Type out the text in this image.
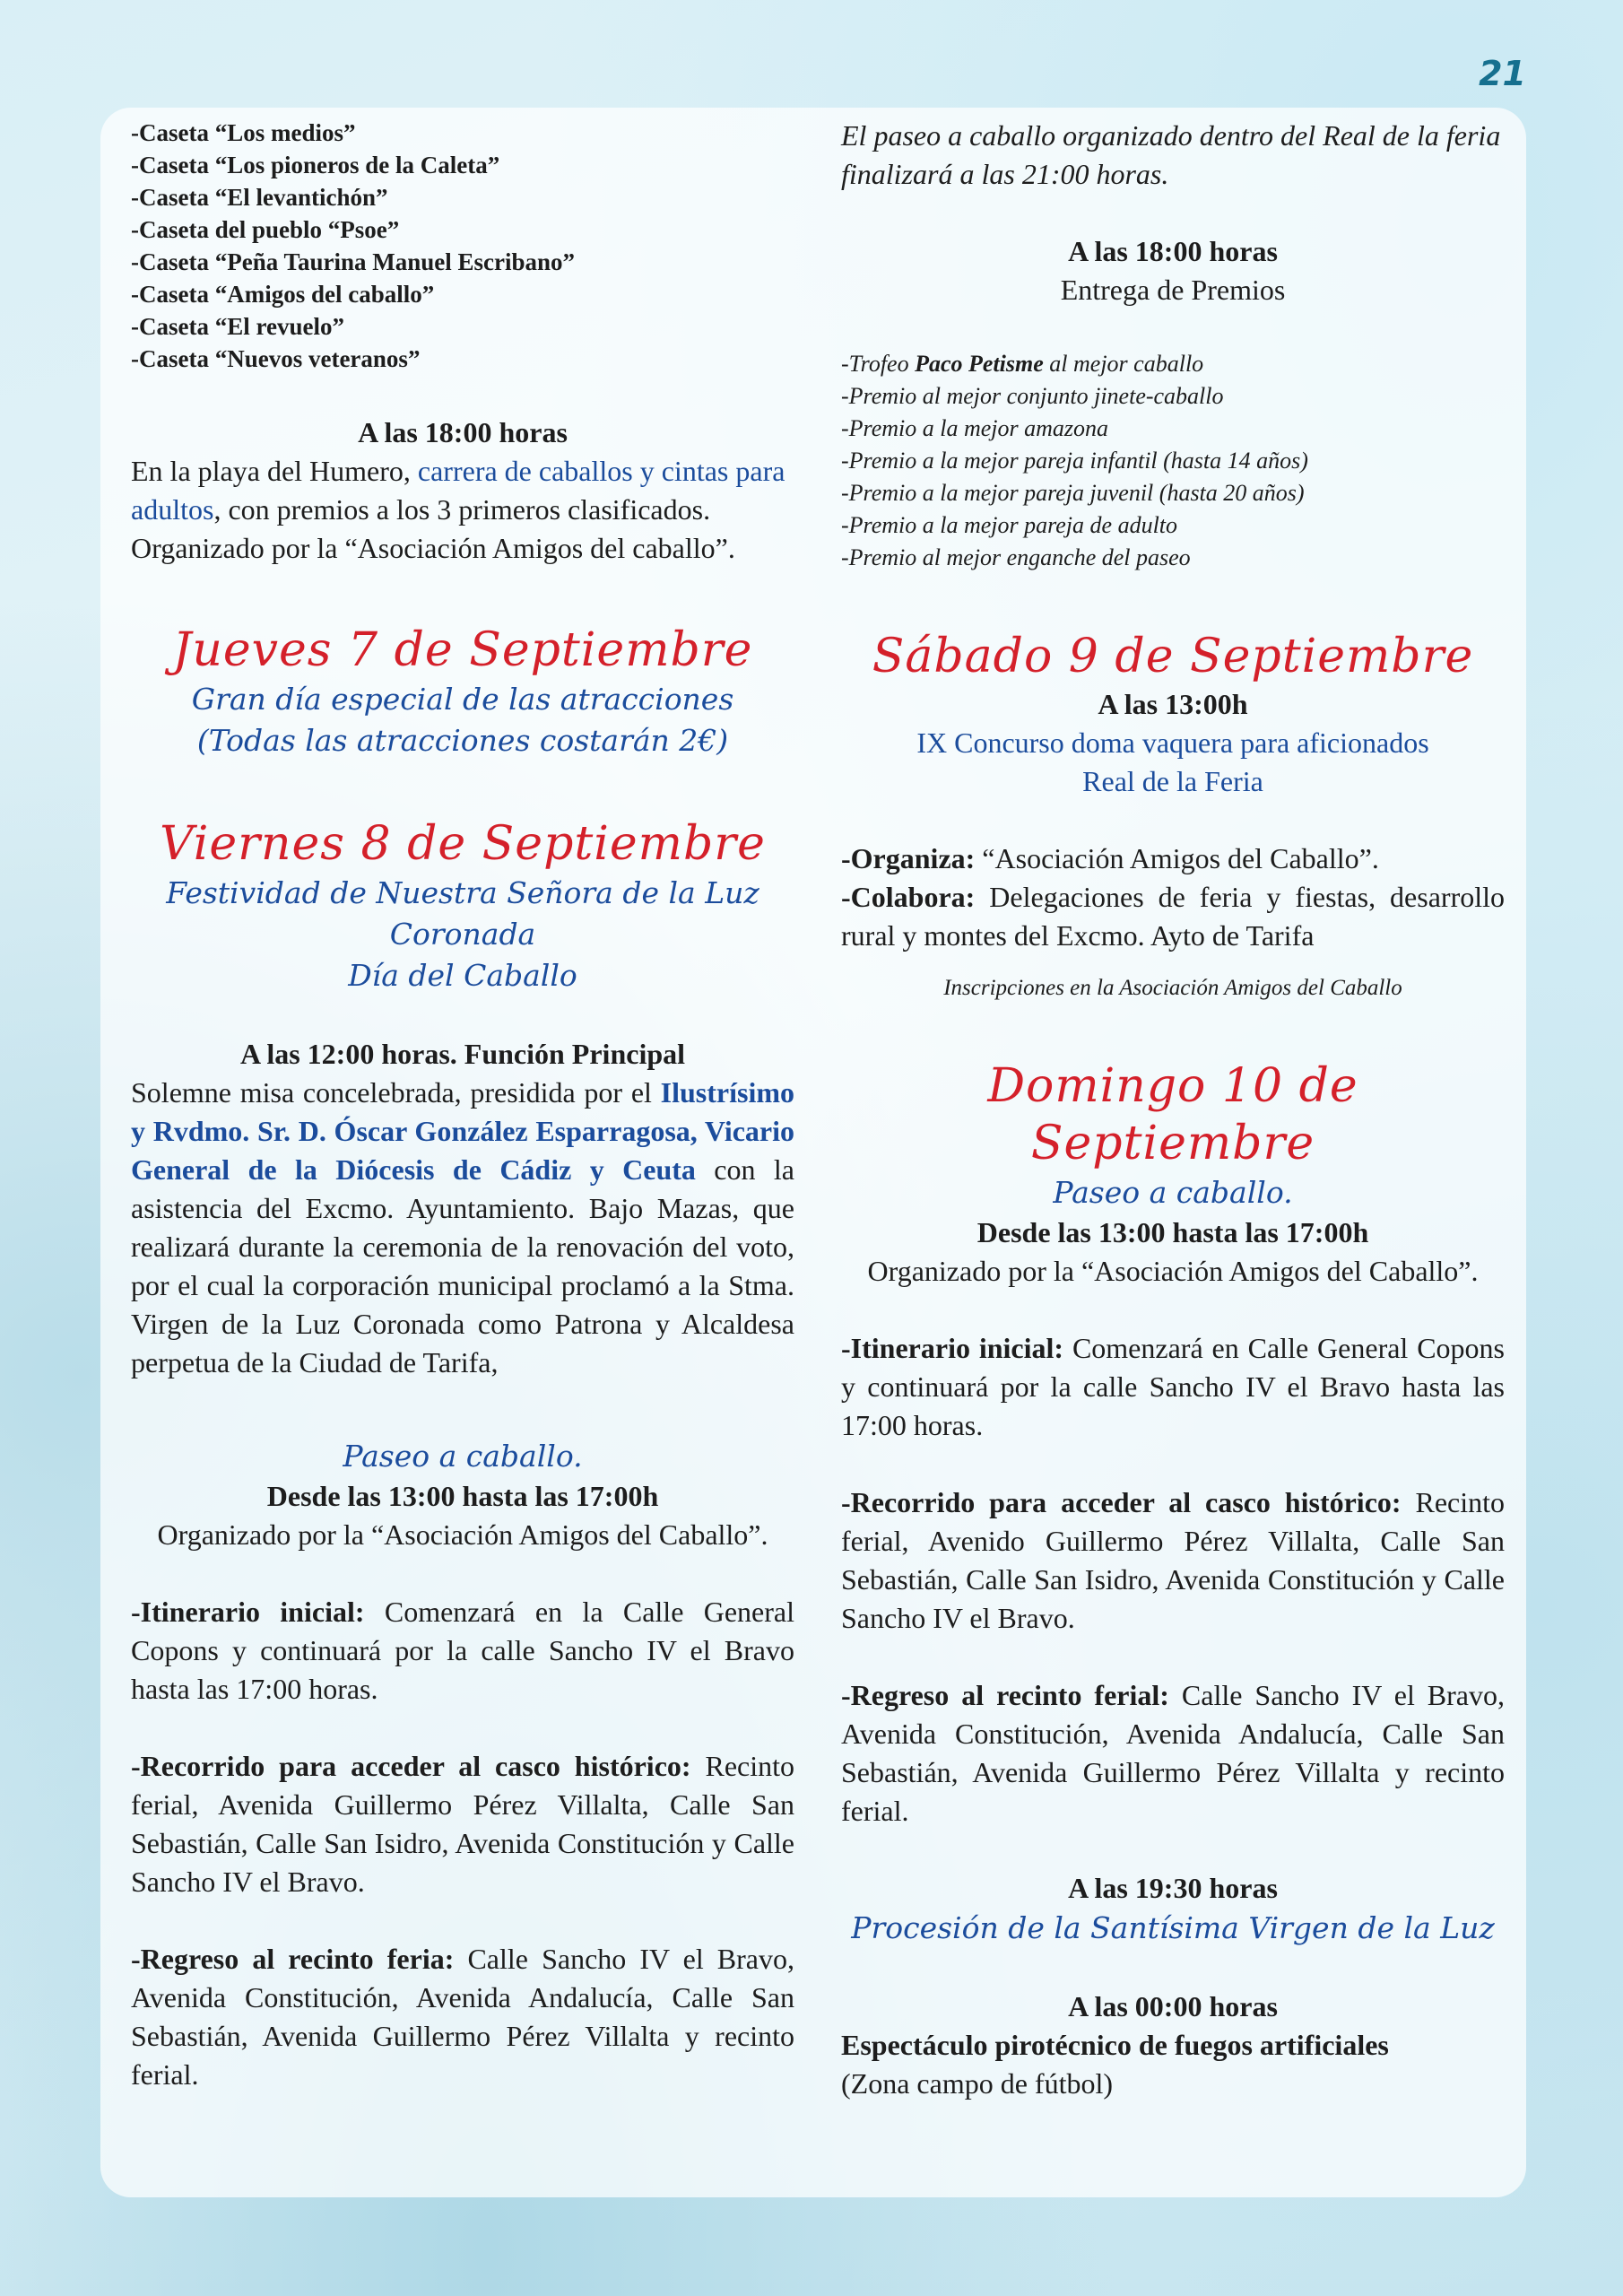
21
-Caseta “Los medios”
-Caseta “Los pioneros de la Caleta”
-Caseta “El levantichón”
-Caseta del pueblo “Psoe”
-Caseta “Peña Taurina Manuel Escribano”
-Caseta “Amigos del caballo”
-Caseta “El revuelo”
-Caseta “Nuevos veteranos”

A las 18:00 horas

En la playa del Humero, carrera de caballos y cintas para adultos, con premios a los 3 primeros clasificados. Organizado por la “Asociación Amigos del caballo”.

Jueves 7 de Septiembre
Gran día especial de las atracciones
(Todas las atracciones costarán 2€)
Viernes 8 de Septiembre
Festividad de Nuestra Señora de la Luz Coronada
Día del Caballo

A las 12:00 horas. Función Principal

Solemne misa concelebrada, presidida por el Ilustrísimo y Rvdmo. Sr. D. Óscar González Esparragosa, Vicario General de la Diócesis de Cádiz y Ceuta con la asistencia del Excmo. Ayuntamiento. Bajo Mazas, que realizará durante la ceremonia de la renovación del voto, por el cual la corporación municipal proclamó a la Stma. Virgen de la Luz Coronada como Patrona y Alcaldesa perpetua de la Ciudad de Tarifa,

Paseo a caballo.

Desde las 13:00 hasta las 17:00h

Organizado por la “Asociación Amigos del Caballo”.

-Itinerario inicial: Comenzará en la Calle General Copons y continuará por la calle Sancho IV el Bravo hasta las 17:00 horas.

-Recorrido para acceder al casco histórico: Recinto ferial, Avenida Guillermo Pérez Villalta, Calle San Sebastián, Calle San Isidro, Avenida Constitución y Calle Sancho IV el Bravo.

-Regreso al recinto feria: Calle Sancho IV el Bravo, Avenida Constitución, Avenida Andalucía, Calle San Sebastián, Avenida Guillermo Pérez Villalta y recinto ferial.

El paseo a caballo organizado dentro del Real de la feria finalizará a las 21:00 horas.

A las 18:00 horas

Entrega de Premios

-Trofeo Paco Petisme al mejor caballo
-Premio al mejor conjunto jinete-caballo
-Premio a la mejor amazona
-Premio a la mejor pareja infantil (hasta 14 años)
-Premio a la mejor pareja juvenil (hasta 20 años)
-Premio a la mejor pareja de adulto
-Premio al mejor enganche del paseo
Sábado 9 de Septiembre

A las 13:00h

IX Concurso doma vaquera para aficionados

Real de la Feria

-Organiza: “Asociación Amigos del Caballo”.

-Colabora: Delegaciones de feria y fiestas, desarrollo rural y montes del Excmo. Ayto de Tarifa

Inscripciones en la Asociación Amigos del Caballo

Domingo 10 de Septiembre
Paseo a caballo.

Desde las 13:00 hasta las 17:00h

Organizado por la “Asociación Amigos del Caballo”.

-Itinerario inicial: Comenzará en Calle General Copons y continuará por la calle Sancho IV el Bravo hasta las 17:00 horas.

-Recorrido para acceder al casco histórico: Recinto ferial, Avenido Guillermo Pérez Villalta, Calle San Sebastián, Calle San Isidro, Avenida Constitución y Calle Sancho IV el Bravo.

-Regreso al recinto ferial: Calle Sancho IV el Bravo, Avenida Constitución, Avenida Andalucía, Calle San Sebastián, Avenida Guillermo Pérez Villalta y recinto ferial.

A las 19:30 horas

Procesión de la Santísima Virgen de la Luz

A las 00:00 horas

Espectáculo pirotécnico de fuegos artificiales

(Zona campo de fútbol)
